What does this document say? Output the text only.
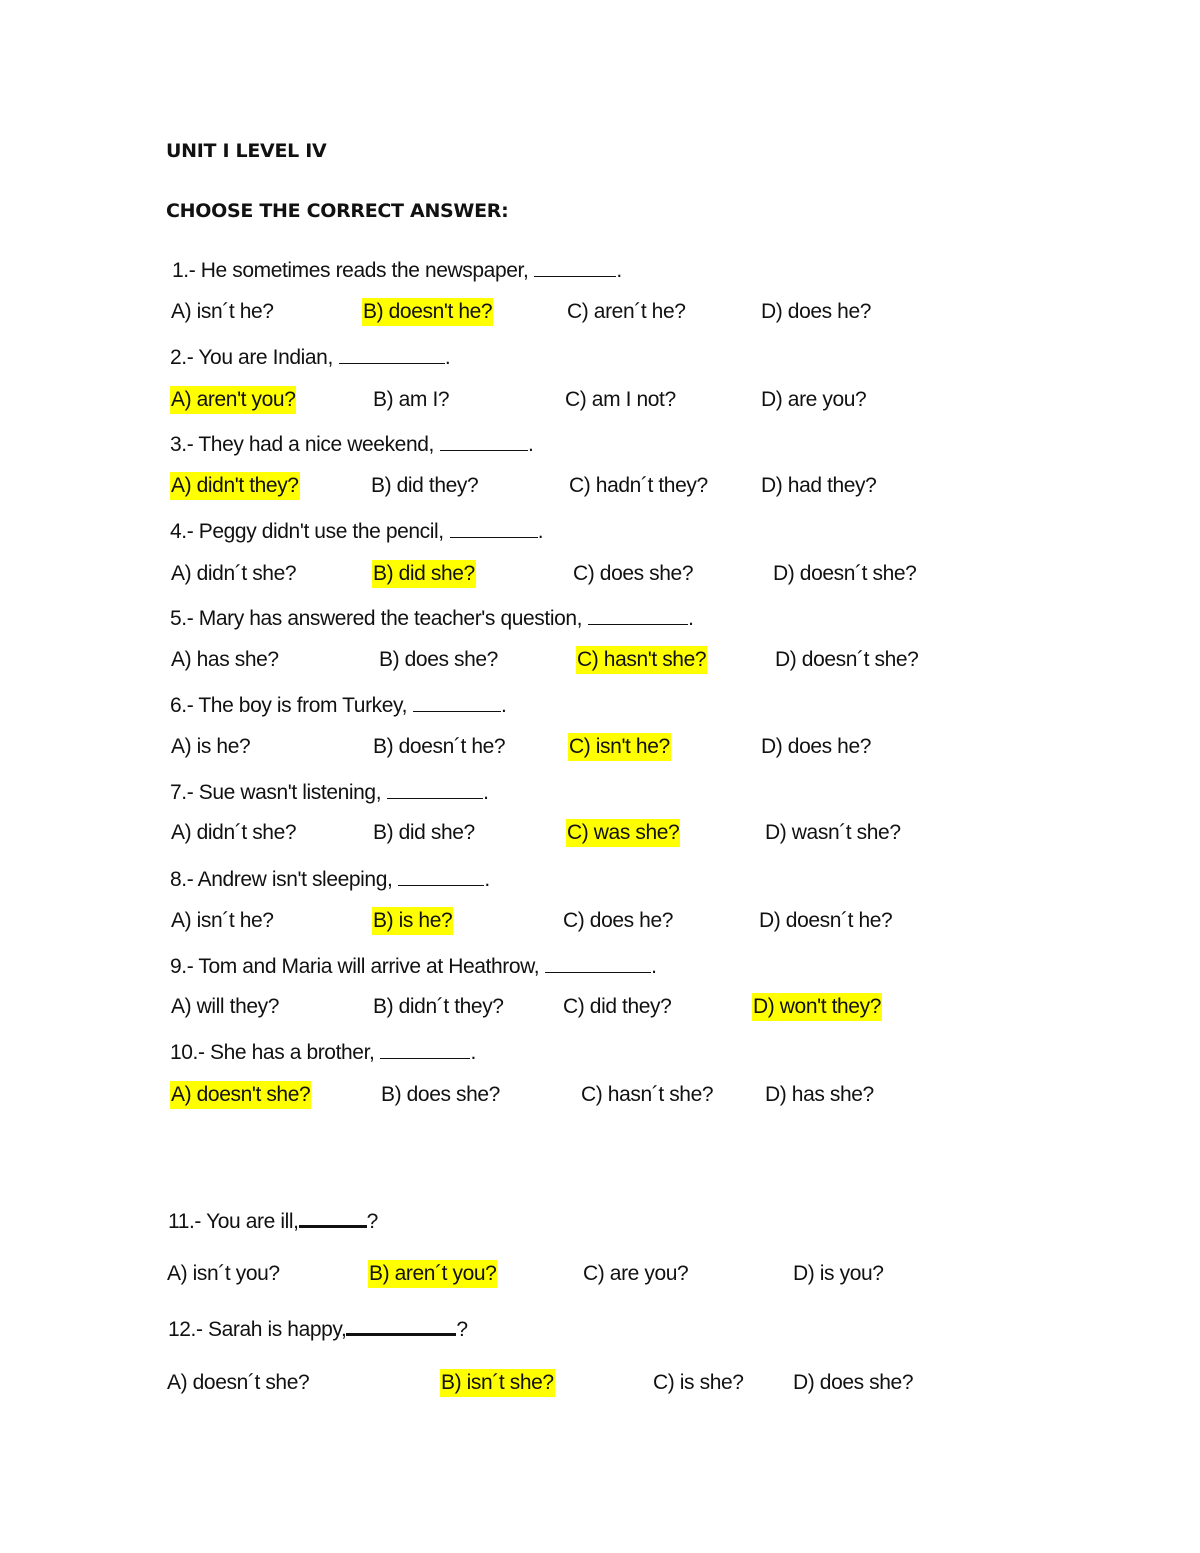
UNIT I LEVEL IV
CHOOSE THE CORRECT ANSWER:
1.- He sometimes reads the newspaper,	.
A) isn´t he?	B) doesn't he?	C) aren´t he?	D) does he?
2.- You are Indian,	.
A) aren't you?	B) am I?	C) am I not?	D) are you?
3.- They had a nice weekend,	.
A) didn't they?	B) did they?	C) hadn´t they?	D) had they?
4.- Peggy didn't use the pencil,	.
A) didn´t she?	B) did she?	C) does she?	D) doesn´t she?
5.- Mary has answered the teacher's question,	.
A) has she?	B) does she?	C) hasn't she?	D) doesn´t she?
6.- The boy is from Turkey,	.
A) is he?	B) doesn´t he?	C) isn't he?	D) does he?
7.- Sue wasn't listening,	.
A) didn´t she?	B) did she?	C) was she?	D) wasn´t she?
8.- Andrew isn't sleeping,	.
A) isn´t he?	B) is he?	C) does he?	D) doesn´t he?
9.- Tom and Maria will arrive at Heathrow,	.
A) will they?	B) didn´t they?	C) did they?	D) won't they?
10.- She has a brother,	.
A) doesn't she?	B) does she?	C) hasn´t she? D) has she?
11.- You are ill,	?
A) isn´t you?	B) aren´t you?	C) are you?	D) is you?
12.- Sarah is happy,	?
A) doesn´t she?	B) isn´t she?	C) is she? D) does she?
